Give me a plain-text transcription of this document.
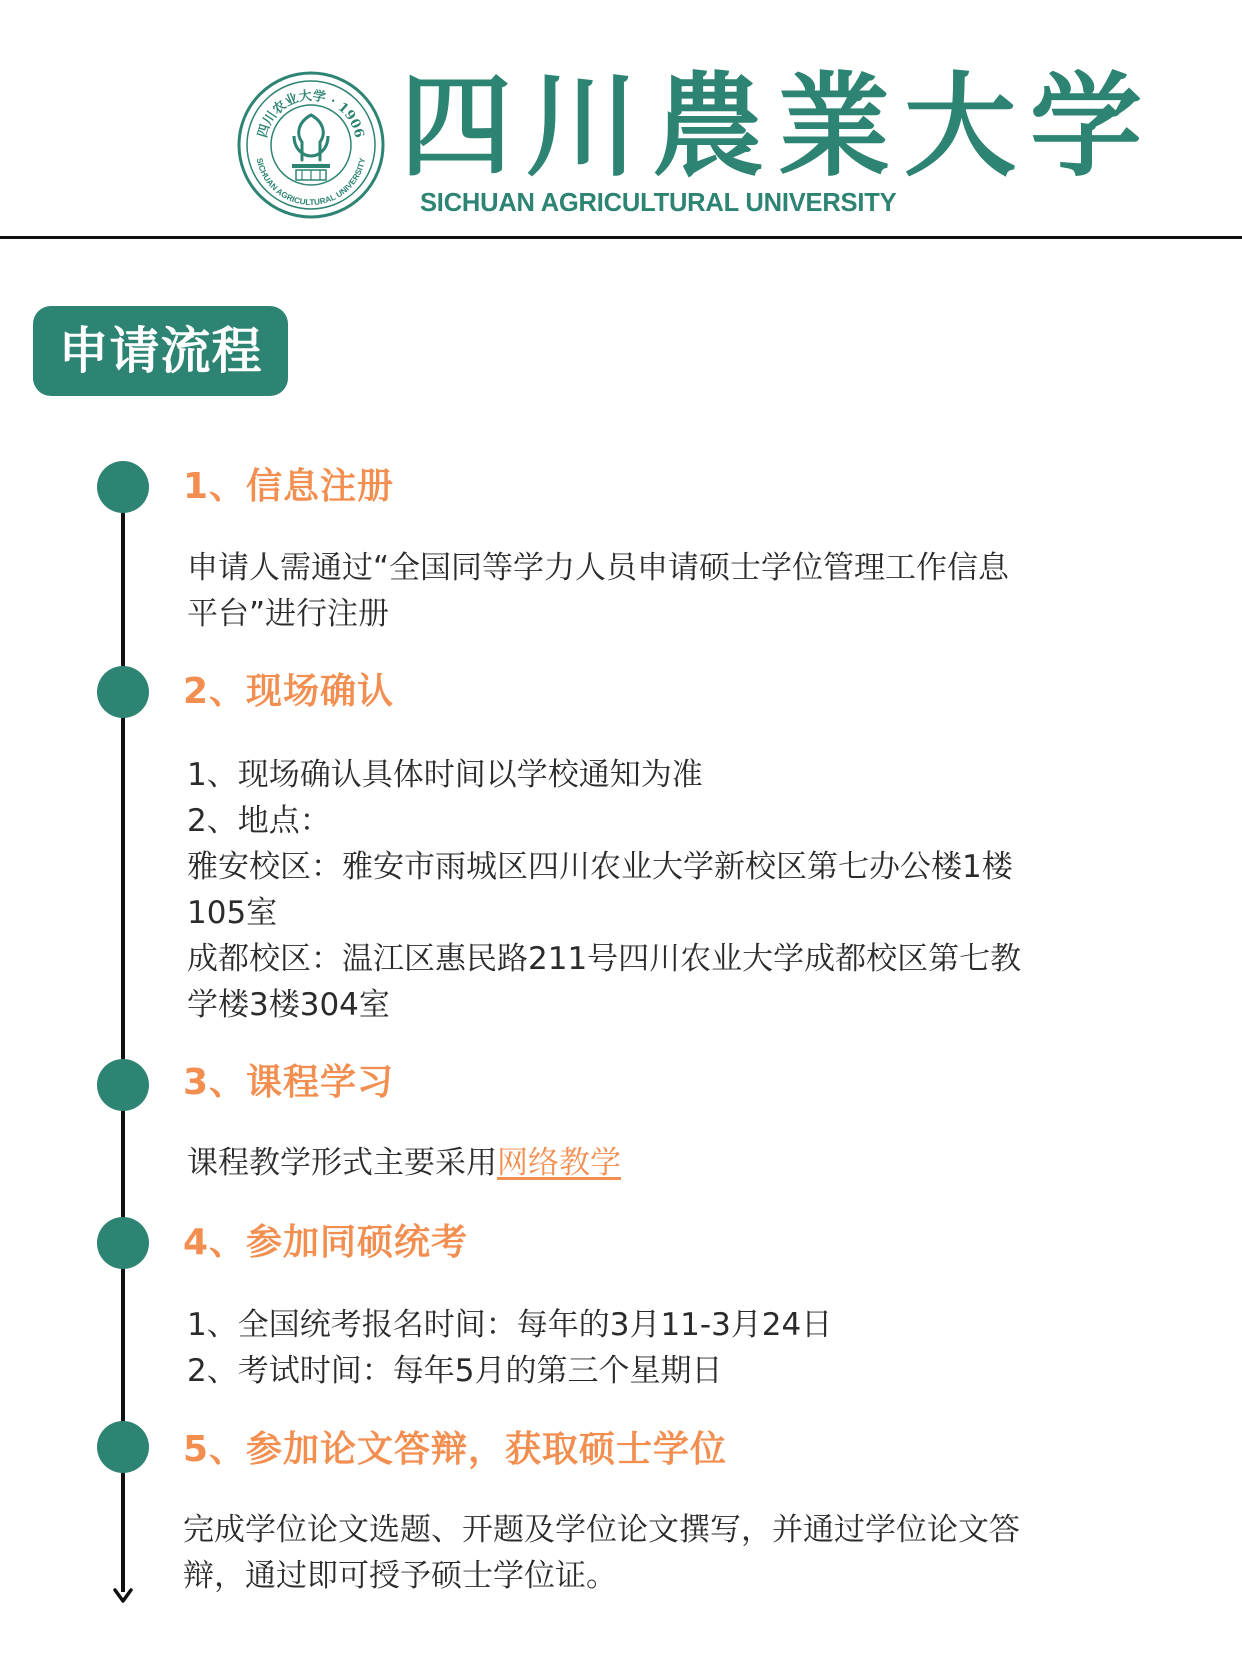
四川农业大学 · 1906
SICHUAN AGRICULTURAL UNIVERSITY 四川農業大学
SICHUAN AGRICULTURAL UNIVERSITY
申请流程
1、信息注册
申请人需通过“全国同等学力人员申请硕士学位管理工作信息
平台”进行注册
2、现场确认
1、现场确认具体时间以学校通知为准
2、地点：
雅安校区：雅安市雨城区四川农业大学新校区第七办公楼1楼
105室
成都校区：温江区惠民路211号四川农业大学成都校区第七教
学楼3楼304室
3、课程学习
课程教学形式主要采用网络教学
4、参加同硕统考
1、全国统考报名时间：每年的3月11-3月24日
2、考试时间：每年5月的第三个星期日
5、参加论文答辩，获取硕士学位
完成学位论文选题、开题及学位论文撰写，并通过学位论文答
辩，通过即可授予硕士学位证。
